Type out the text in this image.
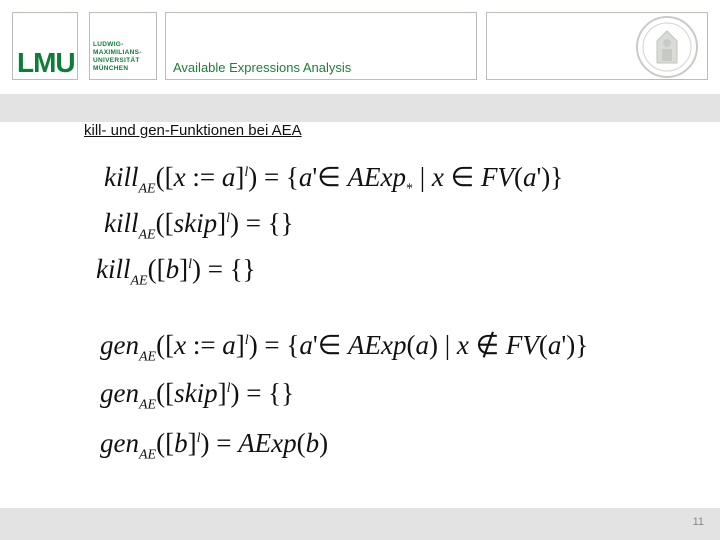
LMU
LUDWIG-
MAXIMILIANS-
UNIVERSITÄT
MÜNCHEN	Available Expressions Analysis
kill- und gen-Funktionen bei AEA
kill$_{AE}$([x := a]$^l$) = {a'∈ AExp$_*$ | x ∈ FV(a')}
kill$_{AE}$([skip]$^l$) = {}
$kill_{AE}([b]^l)$ = {}
gen$_{AE}$([x := a]$^l$) = {a'∈ AExp(a) | x ∉ FV(a')}
gen$_{AE}$([skip]$^l$) = {}
$gen_{AE}([b]^l)$ = AExp(b)
11
